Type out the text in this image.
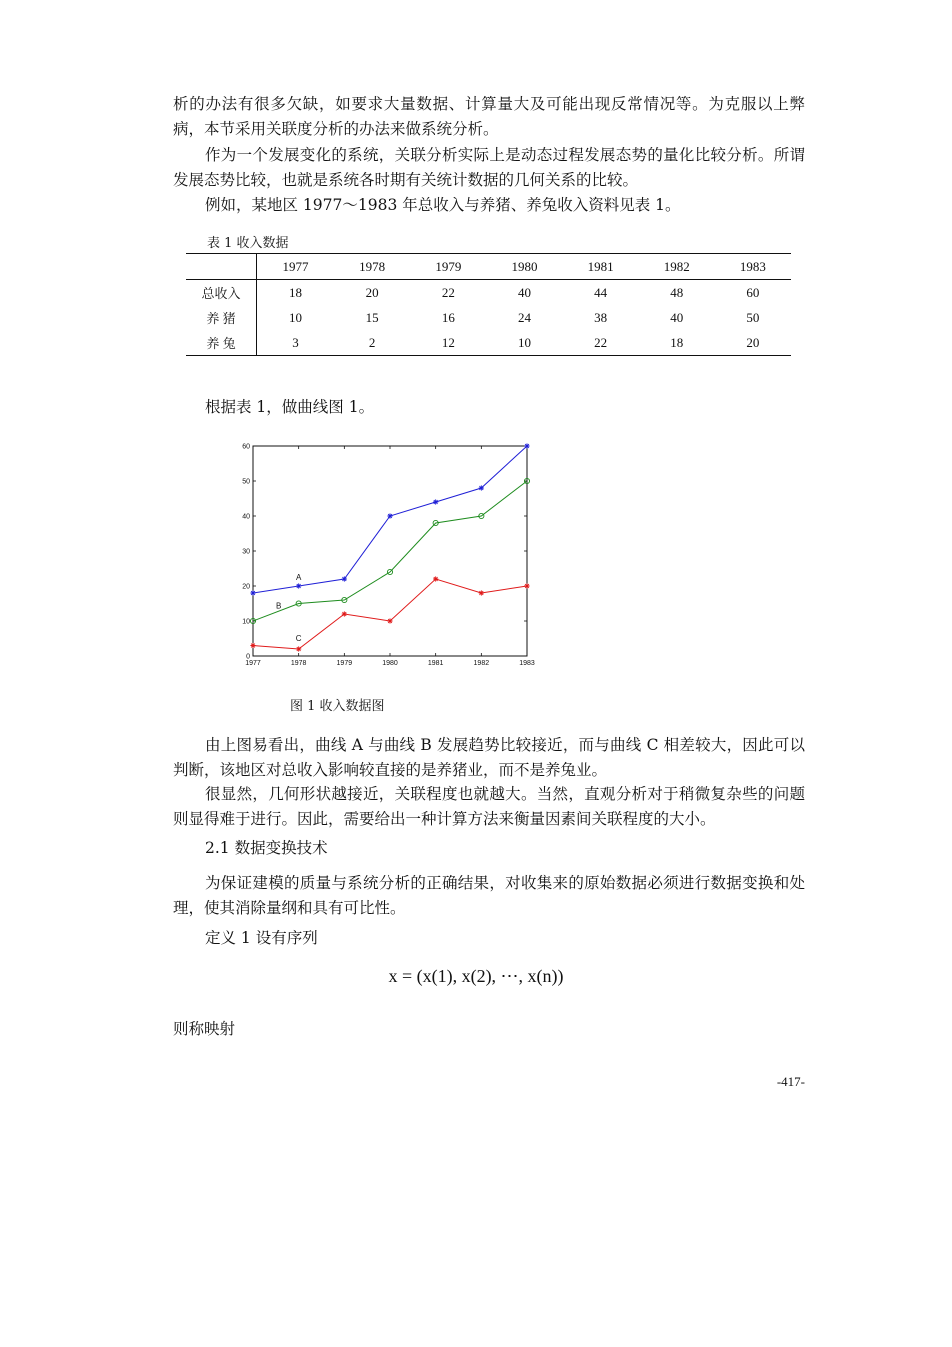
析的办法有很多欠缺，如要求大量数据、计算量大及可能出现反常情况等。为克服以上弊病，本节采用关联度分析的办法来做系统分析。

作为一个发展变化的系统，关联分析实际上是动态过程发展态势的量化比较分析。所谓发展态势比较，也就是系统各时期有关统计数据的几何关系的比较。

例如，某地区 1977～1983 年总收入与养猪、养兔收入资料见表 1。

表 1 收入数据
	1977	1978	1979	1980	1981	1982	1983
总收入	18	20	22	40	44	48	60
养 猪	10	15	16	24	38	40	50
养 兔	3	2	12	10	22	18	20

根据表 1，做曲线图 1。

0
10
20
30
40
50
60
1977	1978	1979	1980	1981	1982	1983
A
B
C
图 1 收入数据图

由上图易看出，曲线 A 与曲线 B 发展趋势比较接近，而与曲线 C 相差较大，因此可以判断，该地区对总收入影响较直接的是养猪业，而不是养兔业。

很显然，几何形状越接近，关联程度也就越大。当然，直观分析对于稍微复杂些的问题则显得难于进行。因此，需要给出一种计算方法来衡量因素间关联程度的大小。

2.1 数据变换技术

为保证建模的质量与系统分析的正确结果，对收集来的原始数据必须进行数据变换和处理，使其消除量纲和具有可比性。

定义 1 设有序列

x = (x(1), x(2), ⋯, x(n))

则称映射

-417-
